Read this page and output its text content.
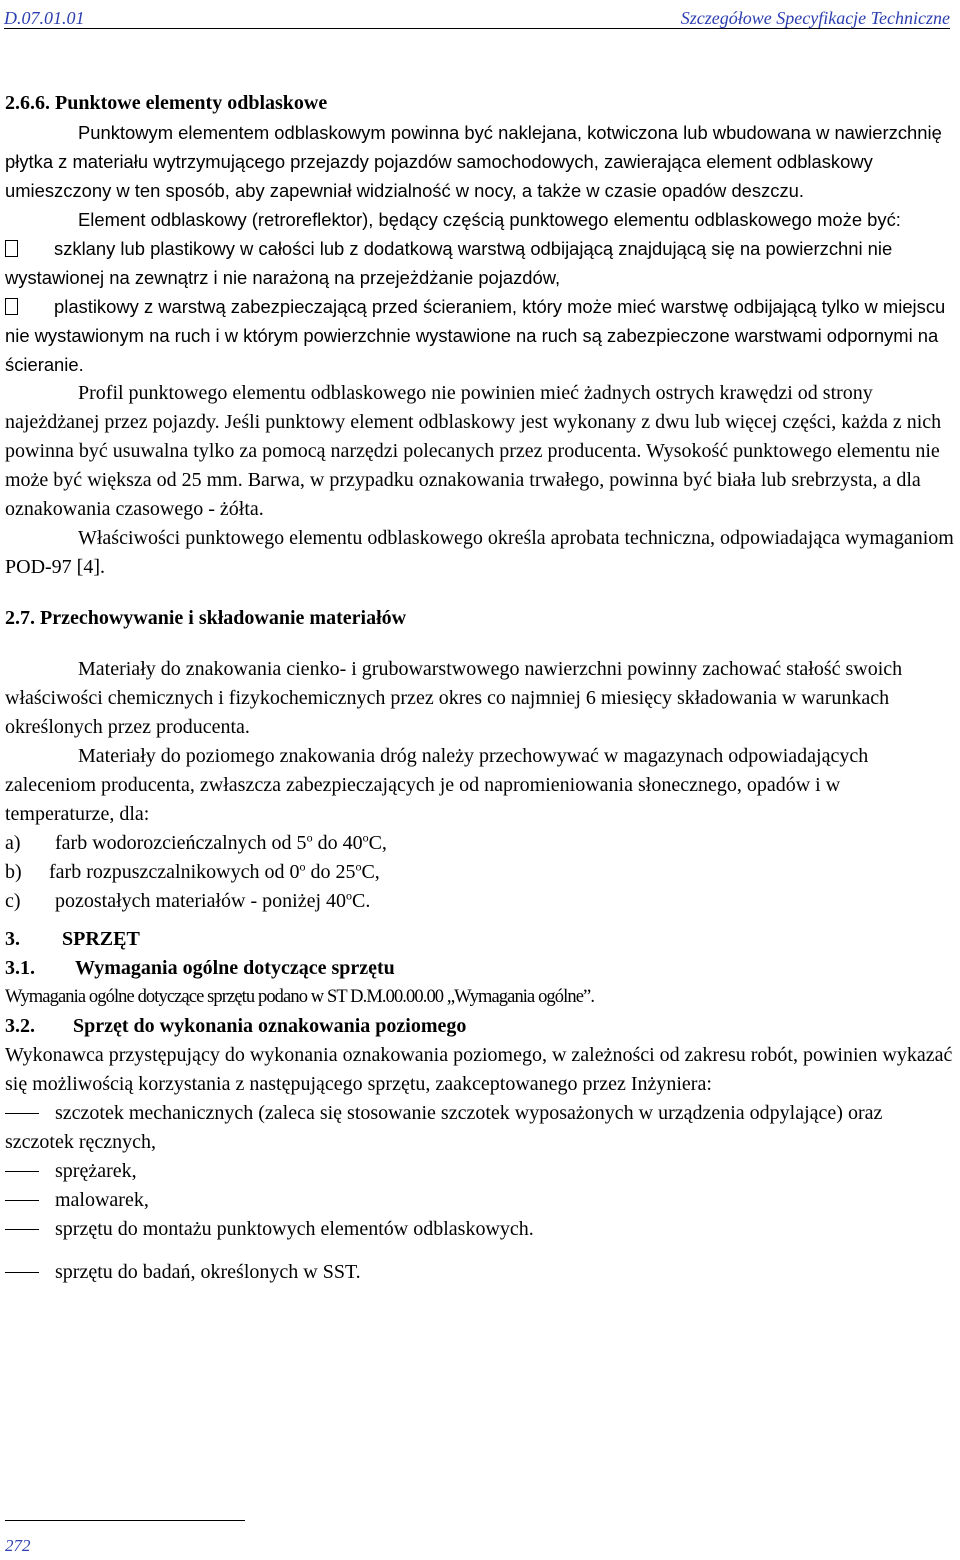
D.07.01.01	Szczegółowe Specyfikacje Techniczne
2.6.6. Punktowe elementy odblaskowe

Punktowym elementem odblaskowym powinna być naklejana, kotwiczona lub wbudowana w nawierzchnię płytka z materiału wytrzymującego przejazdy pojazdów samochodowych, zawierająca element odblaskowy umieszczony w ten sposób, aby zapewniał widzialność w nocy, a także w czasie opadów deszczu.

Element odblaskowy (retroreflektor), będący częścią punktowego elementu odblaskowego może być:

szklany lub plastikowy w całości lub z dodatkową warstwą odbijającą znajdującą się na powierzchni nie wystawionej na zewnątrz i nie narażoną na przejeżdżanie pojazdów,

plastikowy z warstwą zabezpieczającą przed ścieraniem, który może mieć warstwę odbijającą tylko w miejscu nie wystawionym na ruch i w którym powierzchnie wystawione na ruch są zabezpieczone warstwami odpornymi na ścieranie.

Profil punktowego elementu odblaskowego nie powinien mieć żadnych ostrych krawędzi od strony najeżdżanej przez pojazdy. Jeśli punktowy element odblaskowy jest wykonany z dwu lub więcej części, każda z nich powinna być usuwalna tylko za pomocą narzędzi polecanych przez producenta. Wysokość punktowego elementu nie może być większa od 25 mm. Barwa, w przypadku oznakowania trwałego, powinna być biała lub srebrzysta, a dla oznakowania czasowego - żółta.

Właściwości punktowego elementu odblaskowego określa aprobata techniczna, odpowiadająca wymaganiom POD-97 [4].

2.7. Przechowywanie i składowanie materiałów

Materiały do znakowania cienko- i grubowarstwowego nawierzchni powinny zachować stałość swoich właściwości chemicznych i fizykochemicznych przez okres co najmniej 6 miesięcy składowania w warunkach określonych przez producenta.

Materiały do poziomego znakowania dróg należy przechowywać w magazynach odpowiadających zaleceniom producenta, zwłaszcza zabezpieczających je od napromieniowania słonecznego, opadów i w temperaturze, dla:

a) farb wodorozcieńczalnych od 5$^o$ do 40$^o$C,

b) farb rozpuszczalnikowych od 0$^o$ do 25$^o$C,

c) pozostałych materiałów - poniżej 40$^o$C.

3. SPRZĘT
3.1. Wymagania ogólne dotyczące sprzętu

Wymagania ogólne dotyczące sprzętu podano w ST D.M.00.00.00 „Wymagania ogólne”.

3.2. Sprzęt do wykonania oznakowania poziomego

Wykonawca przystępujący do wykonania oznakowania poziomego, w zależności od zakresu robót, powinien wykazać się możliwością korzystania z następującego sprzętu, zaakceptowanego przez Inżyniera:

szczotek mechanicznych (zaleca się stosowanie szczotek wyposażonych w urządzenia odpylające) oraz szczotek ręcznych,

sprężarek,

malowarek,

sprzętu do montażu punktowych elementów odblaskowych.

sprzętu do badań, określonych w SST.

272
